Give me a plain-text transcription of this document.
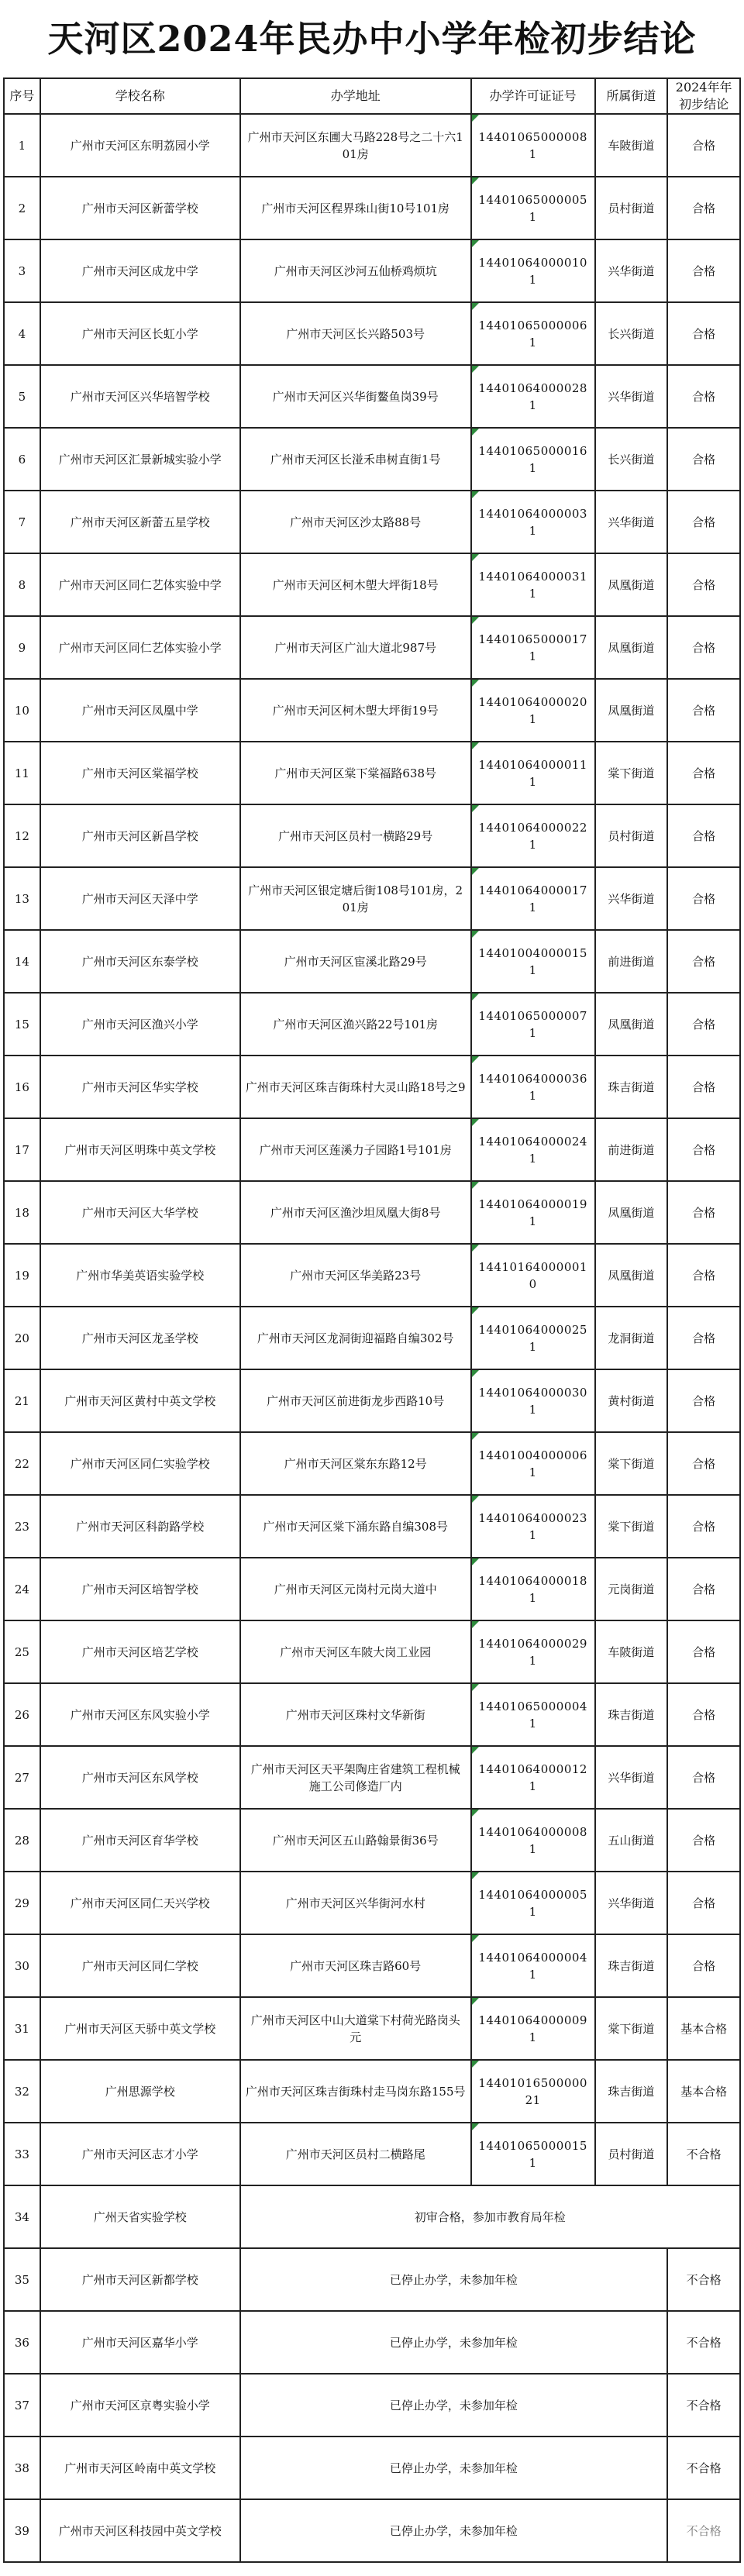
天河区2024年民办中小学年检初步结论
序号	学校名称	办学地址	办学许可证证号	所属街道	2024年年初步结论
1	广州市天河区东明荔园小学	广州市天河区东圃大马路228号之二十六101房	144010650000081	车陂街道	合格
2	广州市天河区新蕾学校	广州市天河区程界珠山街10号101房	144010650000051	员村街道	合格
3	广州市天河区成龙中学	广州市天河区沙河五仙桥鸡烦坑	144010640000101	兴华街道	合格
4	广州市天河区长虹小学	广州市天河区长兴路503号	144010650000061	长兴街道	合格
5	广州市天河区兴华培智学校	广州市天河区兴华街鳌鱼岗39号	144010640000281	兴华街道	合格
6	广州市天河区汇景新城实验小学	广州市天河区长湴禾串树直街1号	144010650000161	长兴街道	合格
7	广州市天河区新蕾五星学校	广州市天河区沙太路88号	144010640000031	兴华街道	合格
8	广州市天河区同仁艺体实验中学	广州市天河区柯木塱大坪街18号	144010640000311	凤凰街道	合格
9	广州市天河区同仁艺体实验小学	广州市天河区广汕大道北987号	144010650000171	凤凰街道	合格
10	广州市天河区凤凰中学	广州市天河区柯木塱大坪街19号	144010640000201	凤凰街道	合格
11	广州市天河区棠福学校	广州市天河区棠下棠福路638号	144010640000111	棠下街道	合格
12	广州市天河区新昌学校	广州市天河区员村一横路29号	144010640000221	员村街道	合格
13	广州市天河区天泽中学	广州市天河区银定塘后街108号101房，201房	144010640000171	兴华街道	合格
14	广州市天河区东泰学校	广州市天河区宦溪北路29号	144010040000151	前进街道	合格
15	广州市天河区渔兴小学	广州市天河区渔兴路22号101房	144010650000071	凤凰街道	合格
16	广州市天河区华实学校	广州市天河区珠吉街珠村大灵山路18号之9	144010640000361	珠吉街道	合格
17	广州市天河区明珠中英文学校	广州市天河区莲溪力子园路1号101房	144010640000241	前进街道	合格
18	广州市天河区大华学校	广州市天河区渔沙坦凤凰大街8号	144010640000191	凤凰街道	合格
19	广州市华美英语实验学校	广州市天河区华美路23号	144101640000010	凤凰街道	合格
20	广州市天河区龙圣学校	广州市天河区龙洞街迎福路自编302号	144010640000251	龙洞街道	合格
21	广州市天河区黄村中英文学校	广州市天河区前进街龙步西路10号	144010640000301	黄村街道	合格
22	广州市天河区同仁实验学校	广州市天河区棠东东路12号	144010040000061	棠下街道	合格
23	广州市天河区科韵路学校	广州市天河区棠下涌东路自编308号	144010640000231	棠下街道	合格
24	广州市天河区培智学校	广州市天河区元岗村元岗大道中	144010640000181	元岗街道	合格
25	广州市天河区培艺学校	广州市天河区车陂大岗工业园	144010640000291	车陂街道	合格
26	广州市天河区东风实验小学	广州市天河区珠村文华新街	144010650000041	珠吉街道	合格
27	广州市天河区东风学校	广州市天河区天平架陶庄省建筑工程机械施工公司修造厂内	144010640000121	兴华街道	合格
28	广州市天河区育华学校	广州市天河区五山路翰景街36号	144010640000081	五山街道	合格
29	广州市天河区同仁天兴学校	广州市天河区兴华街河水村	144010640000051	兴华街道	合格
30	广州市天河区同仁学校	广州市天河区珠吉路60号	144010640000041	珠吉街道	合格
31	广州市天河区天骄中英文学校	广州市天河区中山大道棠下村荷光路岗头元	144010640000091	棠下街道	基本合格
32	广州思源学校	广州市天河区珠吉街珠村走马岗东路155号	1440101650000021	珠吉街道	基本合格
33	广州市天河区志才小学	广州市天河区员村二横路尾	144010650000151	员村街道	不合格
34	广州天省实验学校	初审合格，参加市教育局年检			
35	广州市天河区新都学校	已停止办学，未参加年检			不合格
36	广州市天河区嘉华小学	已停止办学，未参加年检			不合格
37	广州市天河区京粤实验小学	已停止办学，未参加年检			不合格
38	广州市天河区岭南中英文学校	已停止办学，未参加年检			不合格
39	广州市天河区科技园中英文学校	已停止办学，未参加年检			不合格
